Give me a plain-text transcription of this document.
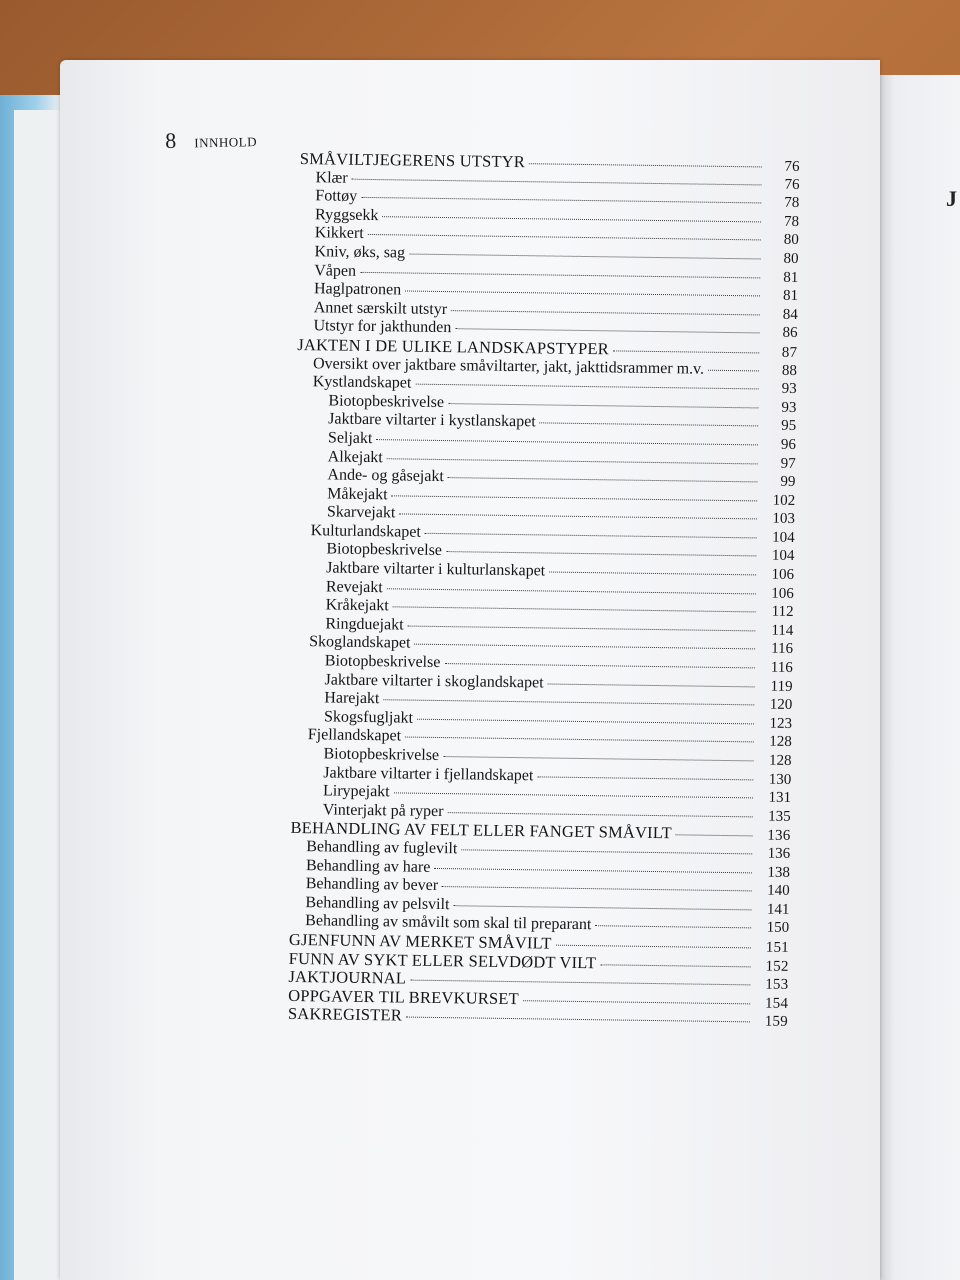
J
8 INNHOLD
SMÅVILTJEGERENS UTSTYR	76
Klær	76
Fottøy	78
Ryggsekk	78
Kikkert	80
Kniv, øks, sag	80
Våpen	81
Haglpatronen	81
Annet særskilt utstyr	84
Utstyr for jakthunden	86
JAKTEN I DE ULIKE LANDSKAPSTYPER	87
Oversikt over jaktbare småviltarter, jakt, jakttidsrammer m.v.	88
Kystlandskapet	93
Biotopbeskrivelse	93
Jaktbare viltarter i kystlanskapet	95
Seljakt	96
Alkejakt	97
Ande- og gåsejakt	99
Måkejakt	102
Skarvejakt	103
Kulturlandskapet	104
Biotopbeskrivelse	104
Jaktbare viltarter i kulturlanskapet	106
Revejakt	106
Kråkejakt	112
Ringduejakt	114
Skoglandskapet	116
Biotopbeskrivelse	116
Jaktbare viltarter i skoglandskapet	119
Harejakt	120
Skogsfugljakt	123
Fjellandskapet	128
Biotopbeskrivelse	128
Jaktbare viltarter i fjellandskapet	130
Lirypejakt	131
Vinterjakt på ryper	135
BEHANDLING AV FELT ELLER FANGET SMÅVILT	136
Behandling av fuglevilt	136
Behandling av hare	138
Behandling av bever	140
Behandling av pelsvilt	141
Behandling av småvilt som skal til preparant	150
GJENFUNN AV MERKET SMÅVILT	151
FUNN AV SYKT ELLER SELVDØDT VILT	152
JAKTJOURNAL	153
OPPGAVER TIL BREVKURSET	154
SAKREGISTER	159
